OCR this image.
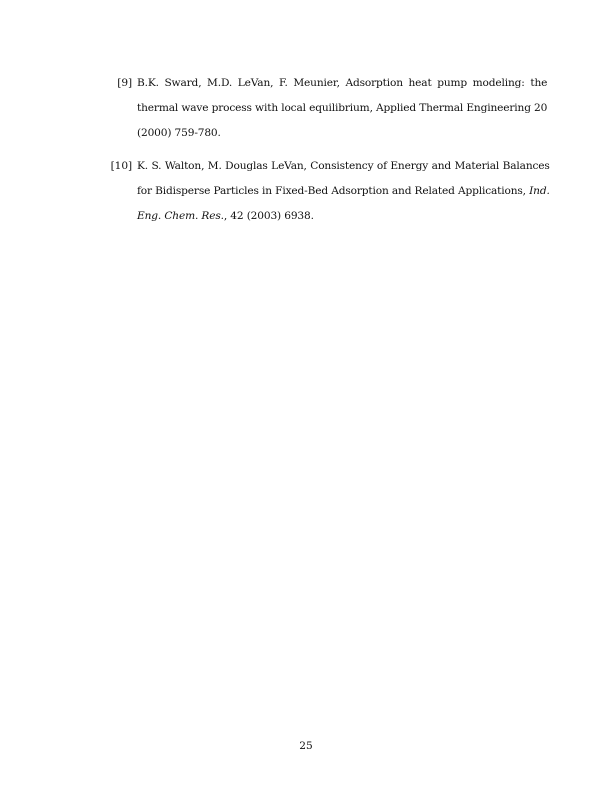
[9] B.K. Sward, M.D. LeVan, F. Meunier, Adsorption heat pump modeling: the
thermal wave process with local equilibrium, Applied Thermal Engineering 20
(2000) 759-780.
[10] K. S. Walton, M. Douglas LeVan, Consistency of Energy and Material Balances
for Bidisperse Particles in Fixed-Bed Adsorption and Related Applications, Ind.
Eng. Chem. Res., 42 (2003) 6938.
25
